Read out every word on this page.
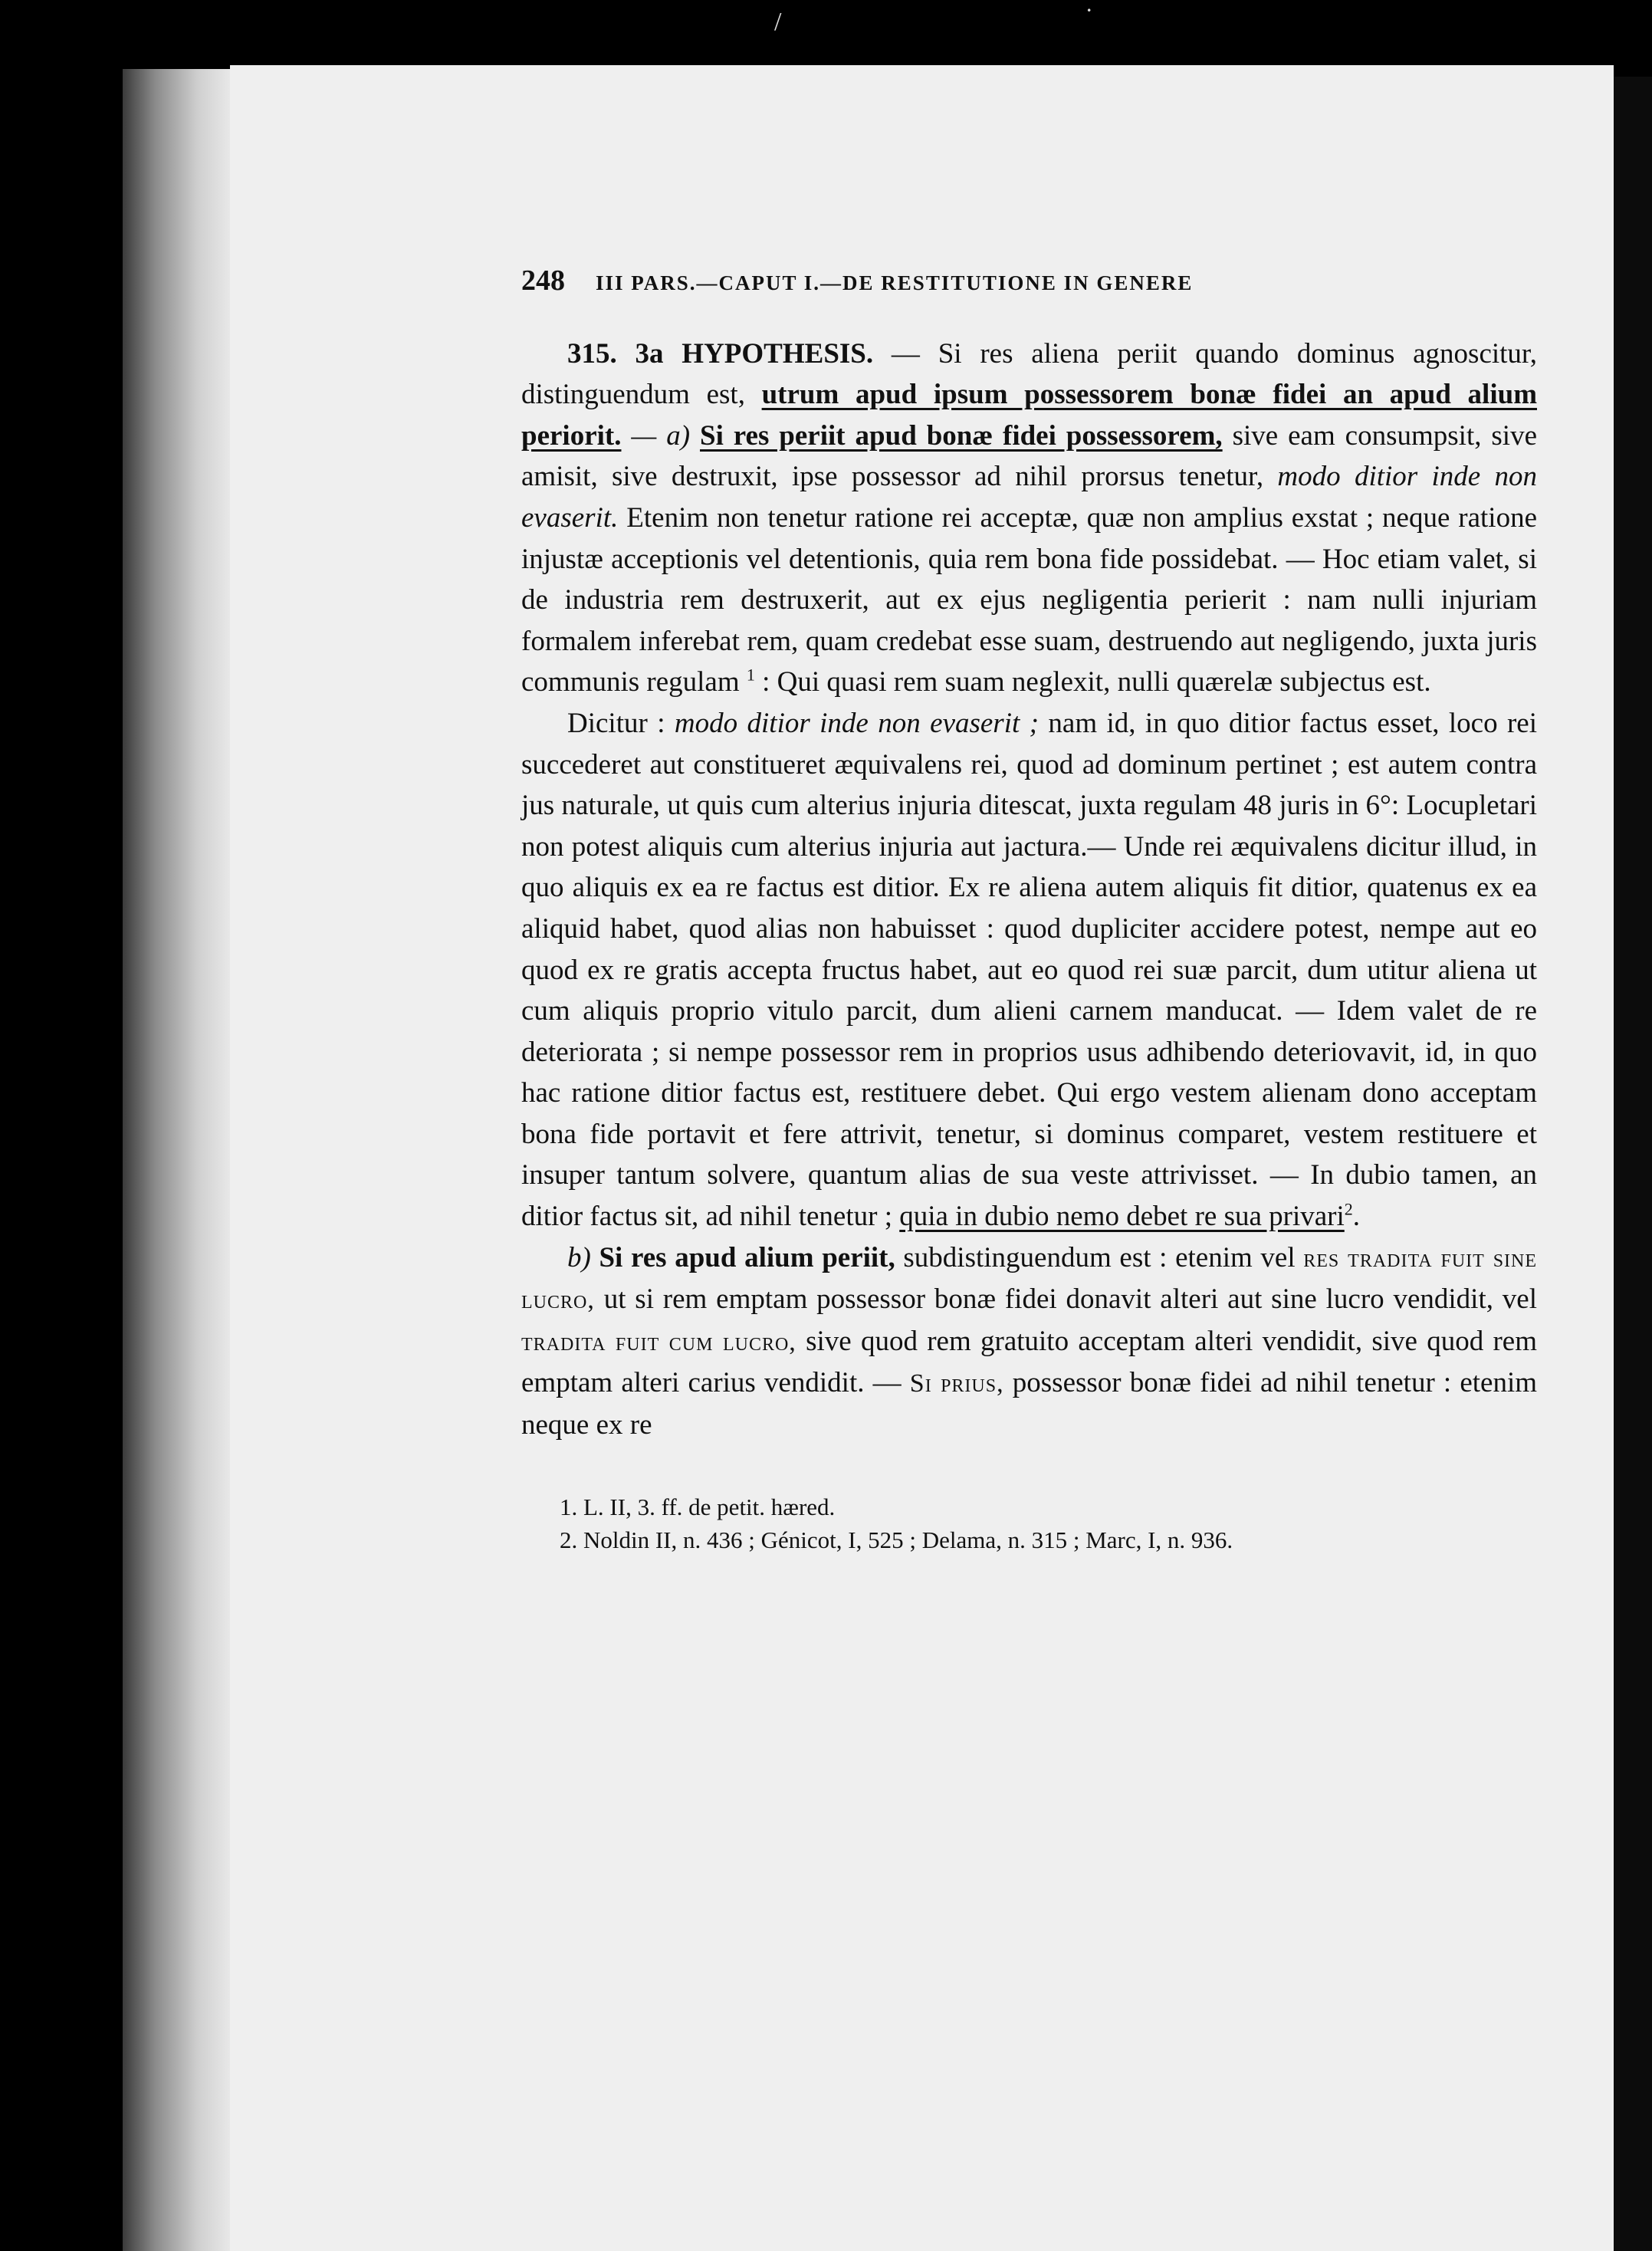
/	˙
248 III PARS.—CAPUT I.—DE RESTITUTIONE IN GENERE

315. 3a HYPOTHESIS. — Si res aliena periit quando dominus agnoscitur, distinguendum est, utrum apud ipsum possessorem bonæ fidei an apud alium periorit. — a) Si res periit apud bonæ fidei possessorem, sive eam consumpsit, sive amisit, sive destruxit, ipse possessor ad nihil prorsus tenetur, modo ditior inde non evaserit. Etenim non tenetur ratione rei acceptæ, quæ non amplius exstat ; neque ratione injustæ acceptionis vel detentionis, quia rem bona fide possidebat. — Hoc etiam valet, si de industria rem destruxerit, aut ex ejus negligentia perierit : nam nulli injuriam formalem inferebat rem, quam credebat esse suam, destruendo aut negligendo, juxta juris communis regulam $^1$ : Qui quasi rem suam neglexit, nulli quærelæ subjectus est.

Dicitur : modo ditior inde non evaserit ; nam id, in quo ditior factus esset, loco rei succederet aut constitueret æquivalens rei, quod ad dominum pertinet ; est autem contra jus naturale, ut quis cum alterius injuria ditescat, juxta regulam 48 juris in 6°: Locupletari non potest aliquis cum alterius injuria aut jactura.— Unde rei æquivalens dicitur illud, in quo aliquis ex ea re factus est ditior. Ex re aliena autem aliquis fit ditior, quatenus ex ea aliquid habet, quod alias non habuisset : quod dupliciter accidere potest, nempe aut eo quod ex re gratis accepta fructus habet, aut eo quod rei suæ parcit, dum utitur aliena ut cum aliquis proprio vitulo parcit, dum alieni carnem manducat. — Idem valet de re deteriorata ; si nempe possessor rem in proprios usus adhibendo deteriovavit, id, in quo hac ratione ditior factus est, restituere debet. Qui ergo vestem alienam dono acceptam bona fide portavit et fere attrivit, tenetur, si dominus comparet, vestem restituere et insuper tantum solvere, quantum alias de sua veste attrivisset. — In dubio tamen, an ditior factus sit, ad nihil tenetur ; quia in dubio nemo debet re sua privari$^2$.

b) Si res apud alium periit, subdistinguendum est : etenim vel res tradita fuit sine lucro, ut si rem emptam possessor bonæ fidei donavit alteri aut sine lucro vendidit, vel tradita fuit cum lucro, sive quod rem gratuito acceptam alteri vendidit, sive quod rem emptam alteri carius vendidit. — Si prius, possessor bonæ fidei ad nihil tenetur : etenim neque ex re

1. L. II, 3. ff. de petit. hæred.
2. Noldin II, n. 436 ; Génicot, I, 525 ; Delama, n. 315 ; Marc, I, n. 936.
